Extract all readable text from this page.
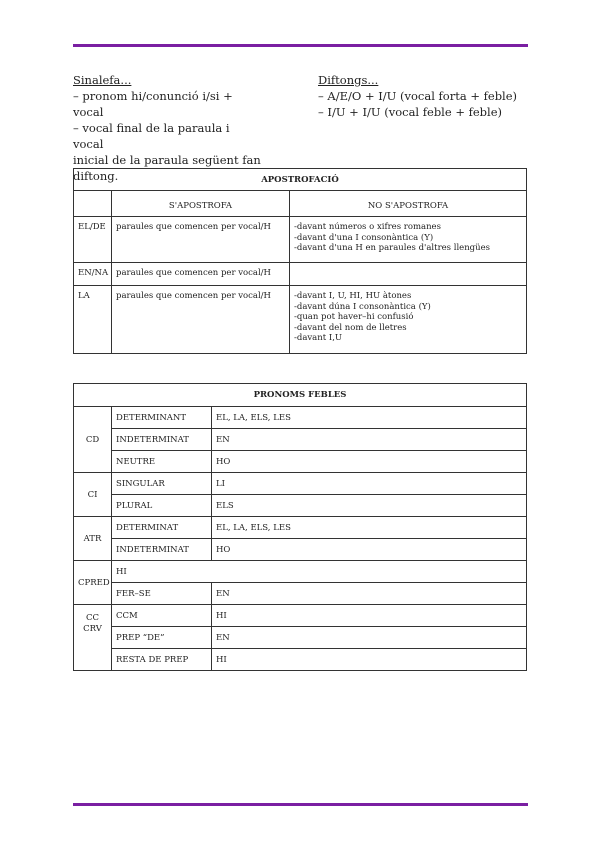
Sinalefa...
– pronom hi/conunció i/si + vocal
– vocal final de la paraula i vocal
inicial de la paraula següent fan
diftong.
Diftongs...
– A/E/O + I/U (vocal forta + feble)
– I/U + I/U (vocal feble + feble)
APOSTROFACIÓ		
	S'APOSTROFA	NO S'APOSTROFA
EL/DE	paraules que comencen per vocal/H	-davant números o xifres romanes
-davant d'una I consonàntica (Y)
-davant d'una H en paraules d'altres llengües

EN/NA	paraules que comencen per vocal/H	
LA	paraules que comencen per vocal/H	-davant I, U, HI, HU àtones
-davant dúna I consonàntica (Y)
-quan pot haver–hi confusió
-davant del nom de lletres
-davant I,U
PRONOMS FEBLES		
CD	DETERMINANT	EL, LA, ELS, LES
	INDETERMINAT	EN
	NEUTRE	HO
CI	SINGULAR	LI
	PLURAL	ELS
ATR	DETERMINAT	EL, LA, ELS, LES
	INDETERMINAT	HO
CPRED	HI	
	FER–SE	EN

CC
CRV	CCM	HI
	PREP “DE”	EN
	RESTA DE PREP	HI
